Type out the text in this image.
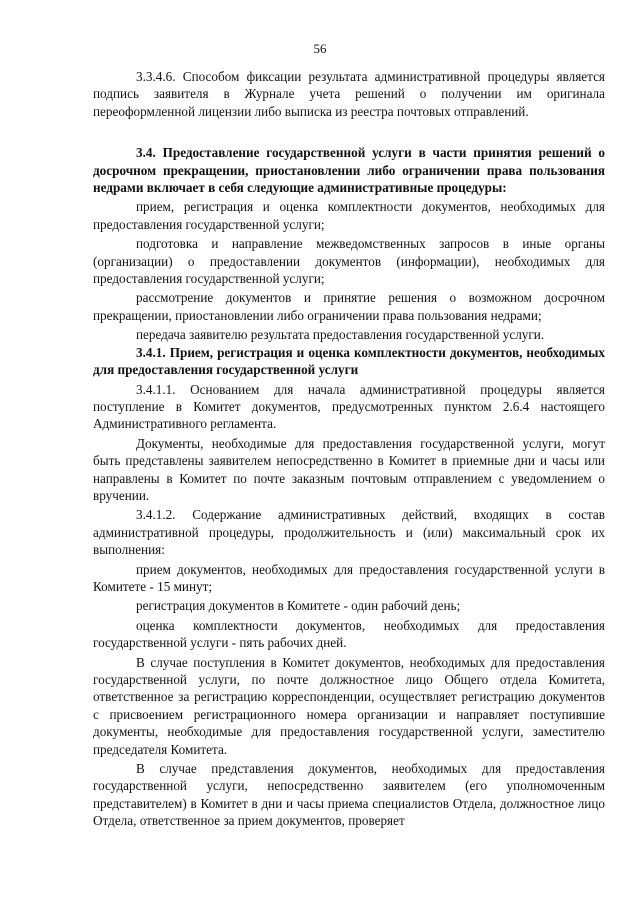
56

3.3.4.6. Способом фиксации результата административной процедуры является подпись заявителя в Журнале учета решений о получении им оригинала переоформленной лицензии либо выписка из реестра почтовых отправлений.

3.4. Предоставление государственной услуги в части принятия решений о досрочном прекращении, приостановлении либо ограничении права пользования недрами включает в себя следующие административные процедуры:

прием, регистрация и оценка комплектности документов, необходимых для предоставления государственной услуги;

подготовка и направление межведомственных запросов в иные органы (организации) о предоставлении документов (информации), необходимых для предоставления государственной услуги;

рассмотрение документов и принятие решения о возможном досрочном прекращении, приостановлении либо ограничении права пользования недрами;

передача заявителю результата предоставления государственной услуги.

3.4.1. Прием, регистрация и оценка комплектности документов, необходимых для предоставления государственной услуги

3.4.1.1. Основанием для начала административной процедуры является поступление в Комитет документов, предусмотренных пунктом 2.6.4 настоящего Административного регламента.

Документы, необходимые для предоставления государственной услуги, могут быть представлены заявителем непосредственно в Комитет в приемные дни и часы или направлены в Комитет по почте заказным почтовым отправлением с уведомлением о вручении.

3.4.1.2. Содержание административных действий, входящих в состав административной процедуры, продолжительность и (или) максимальный срок их выполнения:

прием документов, необходимых для предоставления государственной услуги в Комитете - 15 минут;

регистрация документов в Комитете - один рабочий день;

оценка комплектности документов, необходимых для предоставления государственной услуги - пять рабочих дней.

В случае поступления в Комитет документов, необходимых для предоставления государственной услуги, по почте должностное лицо Общего отдела Комитета, ответственное за регистрацию корреспонденции, осуществляет регистрацию документов с присвоением регистрационного номера организации и направляет поступившие документы, необходимые для предоставления государственной услуги, заместителю председателя Комитета.

В случае представления документов, необходимых для предоставления государственной услуги, непосредственно заявителем (его уполномоченным представителем) в Комитет в дни и часы приема специалистов Отдела, должностное лицо Отдела, ответственное за прием документов, проверяет
